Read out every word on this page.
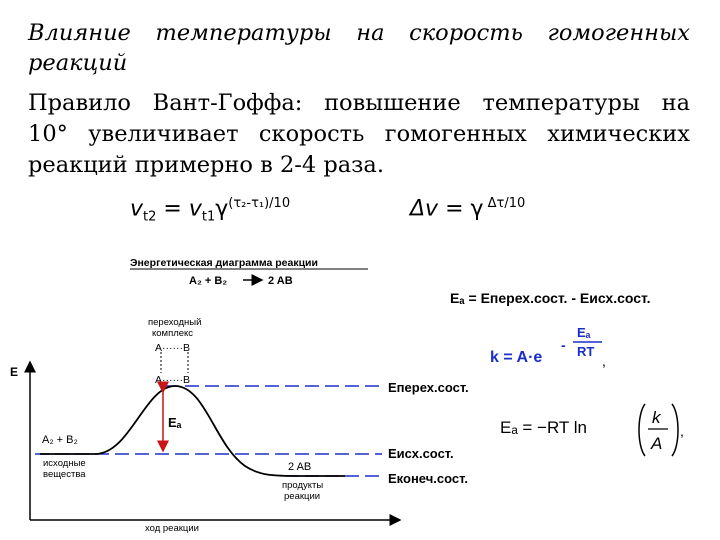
Влияние температуры на скорость гомогенных
реакций
Правило Вант-Гоффа: повышение температуры на
10° увеличивает скорость гомогенных химических
реакций примерно в 2-4 раза.
$v_{t2} = v_{t1}\gamma^{(\tau_2-\tau_1)/10}$	Δv = γ $^{\Delta\tau/10}$
Энергетическая диаграмма реакции
A₂ + B₂	2 AB
переходный
комплекс
A······B
A······B
E
ход реакции
Eₐ
A₂ + B₂
исходные
вещества
2 AB
продукты
реакции
Eперех.сост.
Eисх.сост.
Eконеч.сост.
Eₐ = Eперех.сост. - Eисх.сост.
k = A·e
-
Eₐ
RT
,
Eₐ = −RT ln
k
A
,
